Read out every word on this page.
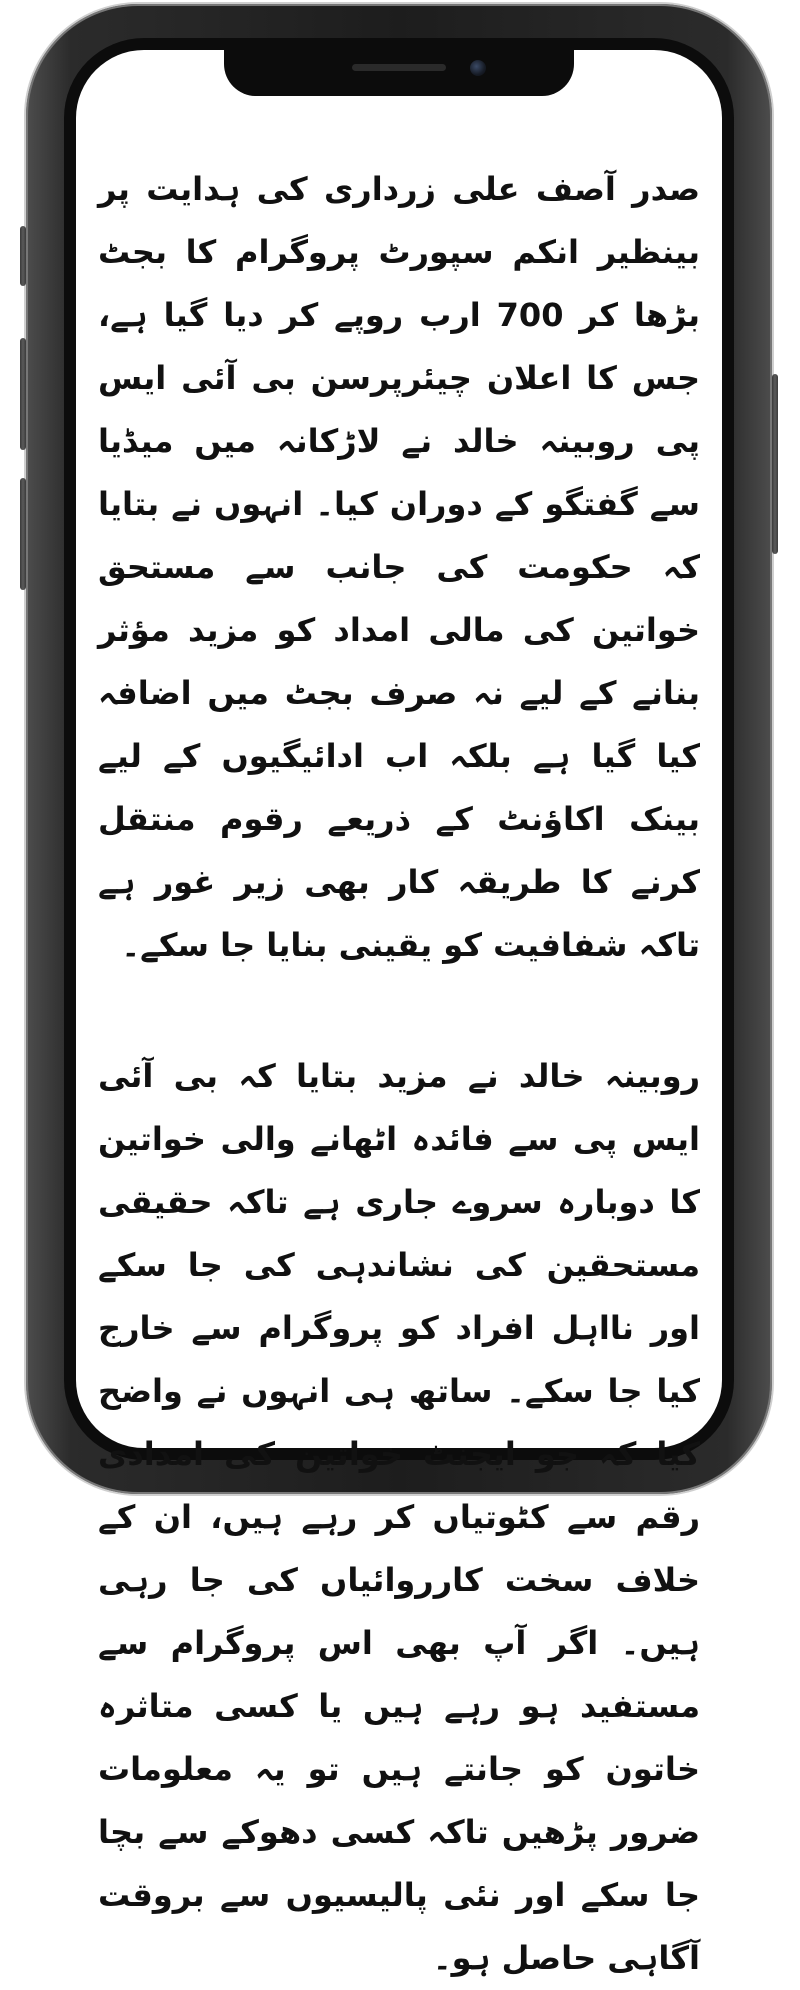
صدر آصف علی زرداری کی ہدایت پر بینظیر انکم سپورٹ پروگرام کا بجٹ بڑھا کر 700 ارب روپے کر دیا گیا ہے، جس کا اعلان چیئرپرسن بی آئی ایس پی روبینہ خالد نے لاڑکانہ میں میڈیا سے گفتگو کے دوران کیا۔ انہوں نے بتایا کہ حکومت کی جانب سے مستحق خواتین کی مالی امداد کو مزید مؤثر بنانے کے لیے نہ صرف بجٹ میں اضافہ کیا گیا ہے بلکہ اب ادائیگیوں کے لیے بینک اکاؤنٹ کے ذریعے رقوم منتقل کرنے کا طریقہ کار بھی زیر غور ہے تاکہ شفافیت کو یقینی بنایا جا سکے۔

روبینہ خالد نے مزید بتایا کہ بی آئی ایس پی سے فائدہ اٹھانے والی خواتین کا دوبارہ سروے جاری ہے تاکہ حقیقی مستحقین کی نشاندہی کی جا سکے اور نااہل افراد کو پروگرام سے خارج کیا جا سکے۔ ساتھ ہی انہوں نے واضح کیا کہ جو ایجنٹ خواتین کی امدادی رقم سے کٹوتیاں کر رہے ہیں، ان کے خلاف سخت کارروائیاں کی جا رہی ہیں۔ اگر آپ بھی اس پروگرام سے مستفید ہو رہے ہیں یا کسی متاثرہ خاتون کو جانتے ہیں تو یہ معلومات ضرور پڑھیں تاکہ کسی دھوکے سے بچا جا سکے اور نئی پالیسیوں سے بروقت آگاہی حاصل ہو۔
